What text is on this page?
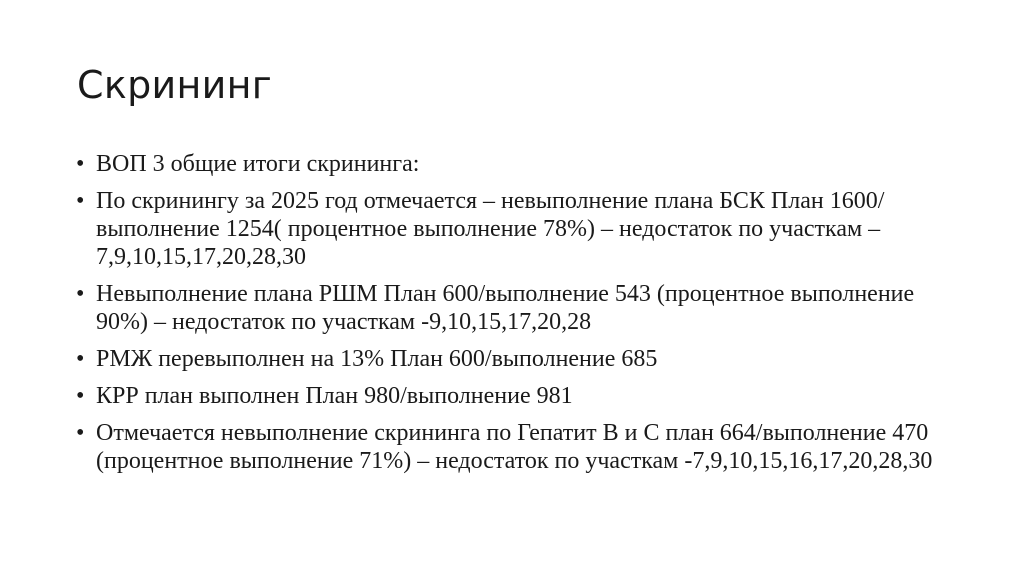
Скрининг
• ВОП 3 общие итоги скрининга:
• По скринингу за 2025 год отмечается – невыполнение плана БСК План 1600/выполнение 1254( процентное выполнение 78%) – недостаток по участкам – 7,9,10,15,17,20,28,30
• Невыполнение плана РШМ План 600/выполнение 543 (процентное выполнение 90%) – недостаток по участкам -9,10,15,17,20,28
• РМЖ перевыполнен на 13% План 600/выполнение 685
• КРР план выполнен План 980/выполнение 981
• Отмечается невыполнение скрининга по Гепатит В и С план 664/выполнение 470 (процентное выполнение 71%) – недостаток по участкам -7,9,10,15,16,17,20,28,30
